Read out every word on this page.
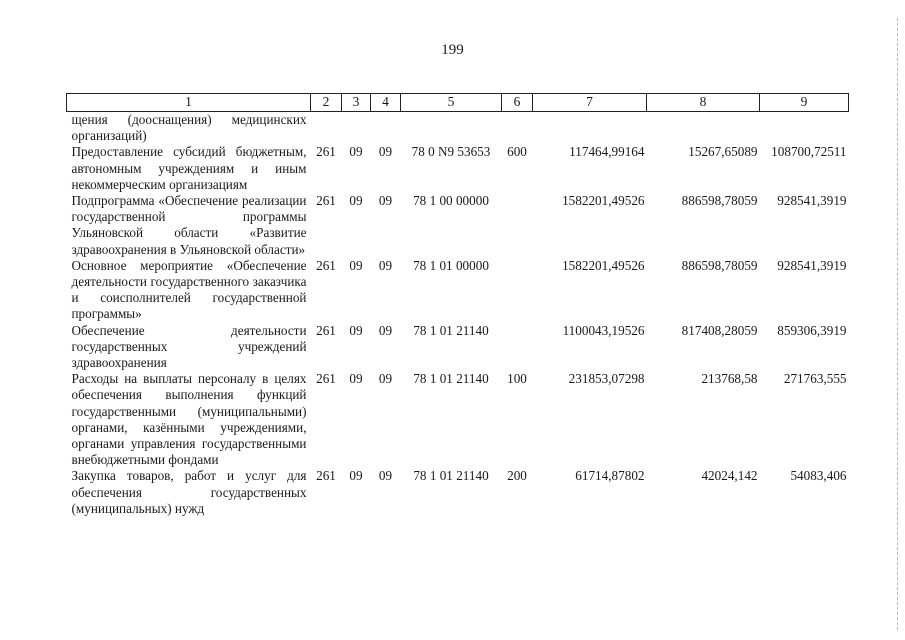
199
1	2	3	4	5	6	7	8	9
щения (дооснащения) медицинских организаций)								
Предоставление субсидий бюджетным, автономным учреждениям и иным некоммерческим организациям	261	09	09	78 0 N9 53653	600	117464,99164	15267,65089	108700,72511
Подпрограмма «Обеспечение реализации государственной программы Ульяновской области «Развитие здравоохранения в Ульяновской области»	261	09	09	78 1 00 00000		1582201,49526	886598,78059	928541,3919
Основное мероприятие «Обеспечение деятельности государственного заказчика и соисполнителей государственной программы»	261	09	09	78 1 01 00000		1582201,49526	886598,78059	928541,3919
Обеспечение деятельности государственных учреждений здравоохранения	261	09	09	78 1 01 21140		1100043,19526	817408,28059	859306,3919
Расходы на выплаты персоналу в целях обеспечения выполнения функций государственными (муниципальными) органами, казёнными учреждениями, органами управления государственными внебюджетными фондами	261	09	09	78 1 01 21140	100	231853,07298	213768,58	271763,555
Закупка товаров, работ и услуг для обеспечения государственных (муниципальных) нужд	261	09	09	78 1 01 21140	200	61714,87802	42024,142	54083,406
